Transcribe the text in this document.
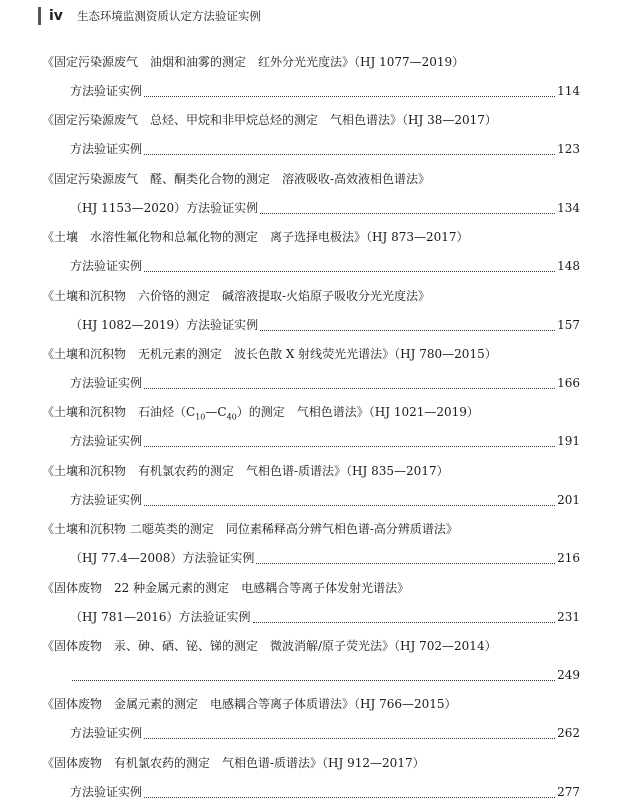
iv 生态环境监测资质认定方法验证实例
《固定污染源废气　油烟和油雾的测定　红外分光光度法》（HJ 1077—2019）
方法验证实例	114
《固定污染源废气　总烃、甲烷和非甲烷总烃的测定　气相色谱法》（HJ 38—2017）
方法验证实例	123
《固定污染源废气　醛、酮类化合物的测定　溶液吸收-高效液相色谱法》
（HJ 1153—2020）方法验证实例	134
《土壤　水溶性氟化物和总氟化物的测定　离子选择电极法》（HJ 873—2017）
方法验证实例	148
《土壤和沉积物　六价铬的测定　碱溶液提取-火焰原子吸收分光光度法》
（HJ 1082—2019）方法验证实例	157
《土壤和沉积物　无机元素的测定　波长色散 X 射线荧光光谱法》（HJ 780—2015）
方法验证实例	166
《土壤和沉积物　石油烃$(C_{10}—C_{40})$的测定　气相色谱法》（HJ 1021—2019）
方法验证实例	191
《土壤和沉积物　有机氯农药的测定　气相色谱-质谱法》（HJ 835—2017）
方法验证实例	201
《土壤和沉积物 二噁英类的测定　同位素稀释高分辨气相色谱-高分辨质谱法》
（HJ 77.4—2008）方法验证实例	216
《固体废物　22 种金属元素的测定　电感耦合等离子体发射光谱法》
（HJ 781—2016）方法验证实例	231
《固体废物　汞、砷、硒、铋、锑的测定　微波消解/原子荧光法》（HJ 702—2014）
249
《固体废物　金属元素的测定　电感耦合等离子体质谱法》（HJ 766—2015）
方法验证实例	262
《固体废物　有机氯农药的测定　气相色谱-质谱法》（HJ 912—2017）
方法验证实例	277
